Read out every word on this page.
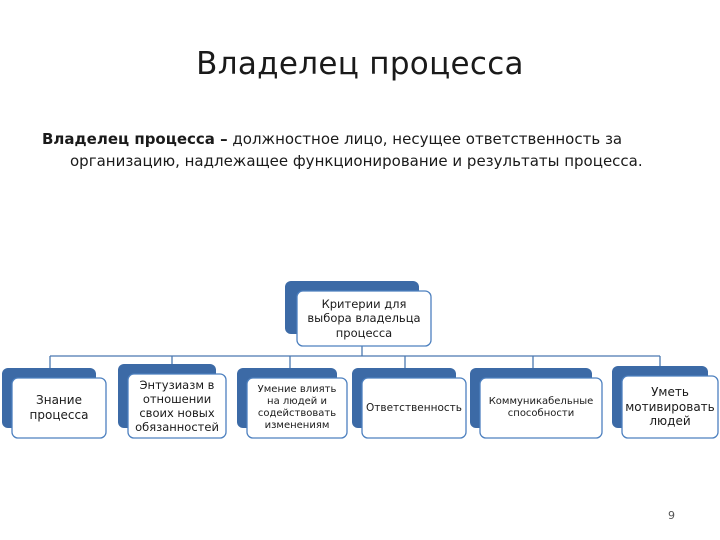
Владелец процесса
Владелец процесса – должностное лицо, несущее ответственность за
организацию, надлежащее функционирование и результаты процесса.
Критерии для выбора владельца процесса
Знание процесса
Энтузиазм в отношении своих новых обязанностей
Умение влиять на людей и содействовать изменениям
Ответственность
Коммуникабельные способности
Уметь мотивировать людей
9
